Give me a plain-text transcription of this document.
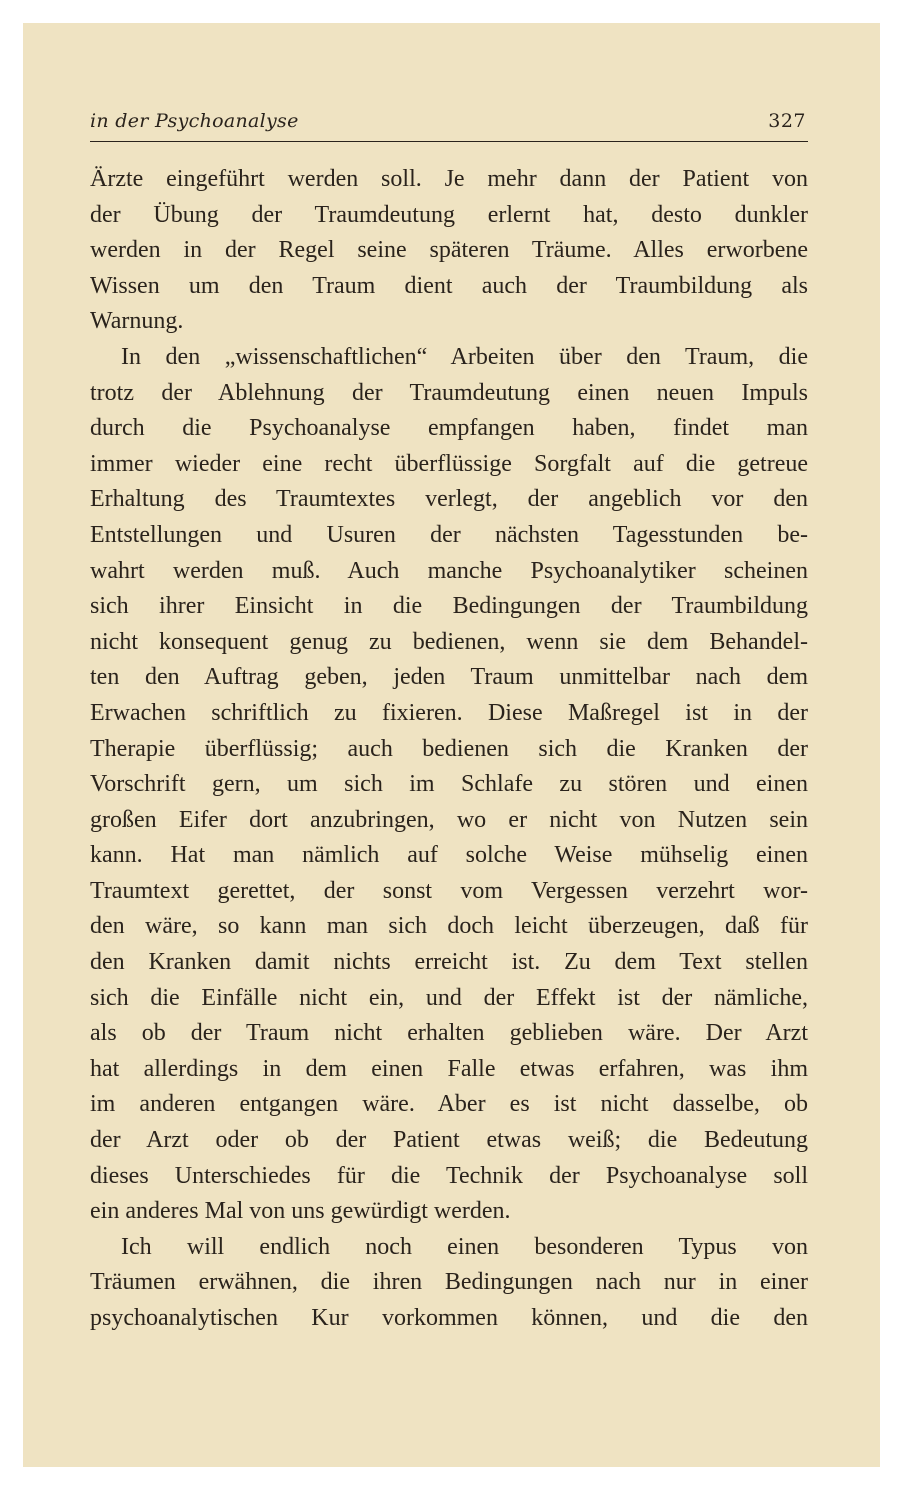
in der Psychoanalyse	327
Ärzte eingeführt werden soll. Je mehr dann der Patient von
der Übung der Traumdeutung erlernt hat, desto dunkler
werden in der Regel seine späteren Träume. Alles erworbene
Wissen um den Traum dient auch der Traumbildung als
Warnung.
In den „wissenschaftlichen“ Arbeiten über den Traum, die
trotz der Ablehnung der Traumdeutung einen neuen Impuls
durch die Psychoanalyse empfangen haben, findet man
immer wieder eine recht überflüssige Sorgfalt auf die getreue
Erhaltung des Traumtextes verlegt, der angeblich vor den
Entstellungen und Usuren der nächsten Tagesstunden be-
wahrt werden muß. Auch manche Psychoanalytiker scheinen
sich ihrer Einsicht in die Bedingungen der Traumbildung
nicht konsequent genug zu bedienen, wenn sie dem Behandel-
ten den Auftrag geben, jeden Traum unmittelbar nach dem
Erwachen schriftlich zu fixieren. Diese Maßregel ist in der
Therapie überflüssig; auch bedienen sich die Kranken der
Vorschrift gern, um sich im Schlafe zu stören und einen
großen Eifer dort anzubringen, wo er nicht von Nutzen sein
kann. Hat man nämlich auf solche Weise mühselig einen
Traumtext gerettet, der sonst vom Vergessen verzehrt wor-
den wäre, so kann man sich doch leicht überzeugen, daß für
den Kranken damit nichts erreicht ist. Zu dem Text stellen
sich die Einfälle nicht ein, und der Effekt ist der nämliche,
als ob der Traum nicht erhalten geblieben wäre. Der Arzt
hat allerdings in dem einen Falle etwas erfahren, was ihm
im anderen entgangen wäre. Aber es ist nicht dasselbe, ob
der Arzt oder ob der Patient etwas weiß; die Bedeutung
dieses Unterschiedes für die Technik der Psychoanalyse soll
ein anderes Mal von uns gewürdigt werden.
Ich will endlich noch einen besonderen Typus von
Träumen erwähnen, die ihren Bedingungen nach nur in einer
psychoanalytischen Kur vorkommen können, und die den
